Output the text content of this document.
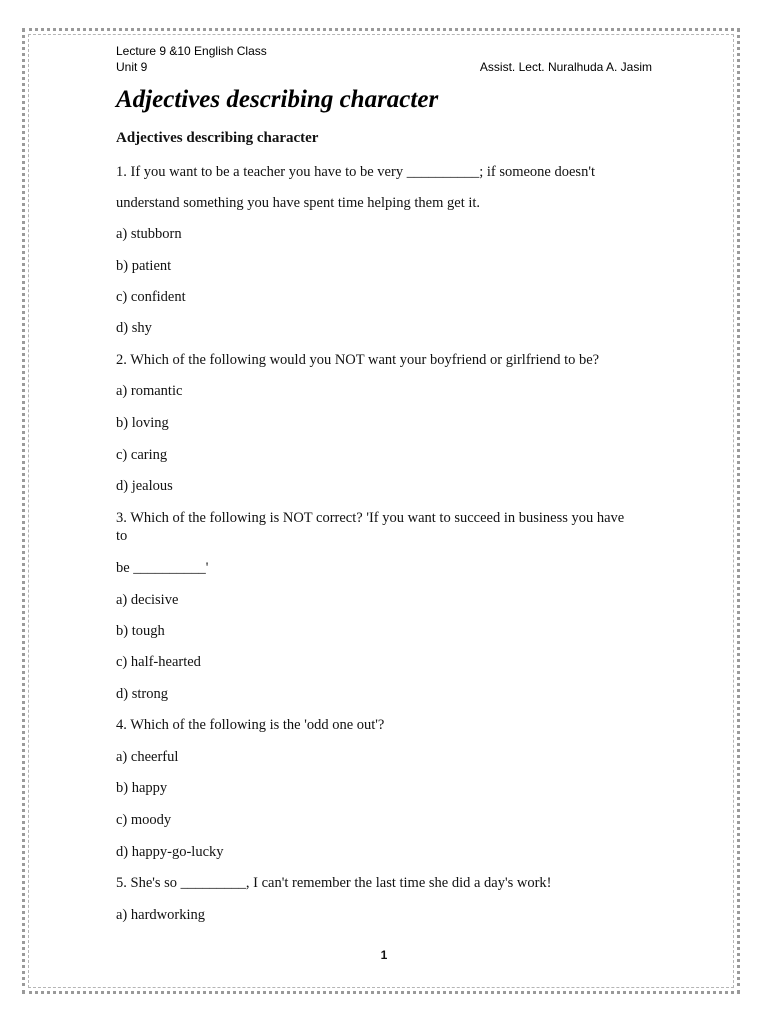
Lecture 9 &10 English Class
Unit 9	Assist. Lect. Nuralhuda A. Jasim
Adjectives describing character
Adjectives describing character
1. If you want to be a teacher you have to be very __________; if someone doesn't
understand something you have spent time helping them get it.
a) stubborn
b) patient
c) confident
d) shy
2. Which of the following would you NOT want your boyfriend or girlfriend to be?
a) romantic
b) loving
c) caring
d) jealous
3. Which of the following is NOT correct? 'If you want to succeed in business you have to
be __________'
a) decisive
b) tough
c) half-hearted
d) strong
4. Which of the following is the 'odd one out'?
a) cheerful
b) happy
c) moody
d) happy-go-lucky
5. She's so _________, I can't remember the last time she did a day's work!
a) hardworking
1
